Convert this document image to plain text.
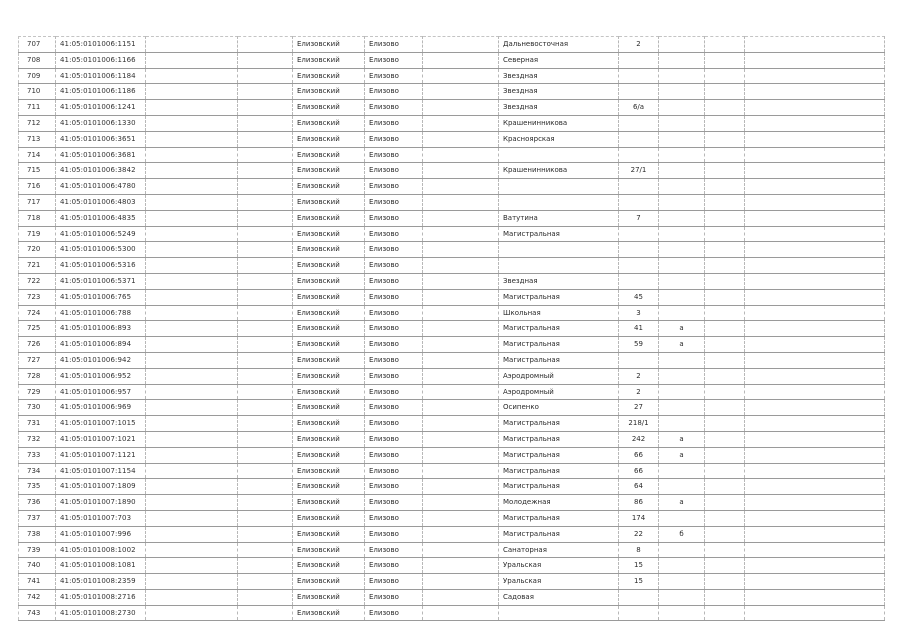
707	41:05:0101006:1151			Елизовский	Елизово		Дальневосточная	2			
708	41:05:0101006:1166			Елизовский	Елизово		Северная				
709	41:05:0101006:1184			Елизовский	Елизово		Звездная				
710	41:05:0101006:1186			Елизовский	Елизово		Звездная				
711	41:05:0101006:1241			Елизовский	Елизово		Звездная	6/а			
712	41:05:0101006:1330			Елизовский	Елизово		Крашенинникова				
713	41:05:0101006:3651			Елизовский	Елизово		Красноярская				
714	41:05:0101006:3681			Елизовский	Елизово						
715	41:05:0101006:3842			Елизовский	Елизово		Крашенинникова	27/1			
716	41:05:0101006:4780			Елизовский	Елизово						
717	41:05:0101006:4803			Елизовский	Елизово						
718	41:05:0101006:4835			Елизовский	Елизово		Ватутина	7			
719	41:05:0101006:5249			Елизовский	Елизово		Магистральная				
720	41:05:0101006:5300			Елизовский	Елизово						
721	41:05:0101006:5316			Елизовский	Елизово						
722	41:05:0101006:5371			Елизовский	Елизово		Звездная				
723	41:05:0101006:765			Елизовский	Елизово		Магистральная	45			
724	41:05:0101006:788			Елизовский	Елизово		Школьная	3			
725	41:05:0101006:893			Елизовский	Елизово		Магистральная	41	а		
726	41:05:0101006:894			Елизовский	Елизово		Магистральная	59	а		
727	41:05:0101006:942			Елизовский	Елизово		Магистральная				
728	41:05:0101006:952			Елизовский	Елизово		Аэродромный	2			
729	41:05:0101006:957			Елизовский	Елизово		Аэродромный	2			
730	41:05:0101006:969			Елизовский	Елизово		Осипенко	27			
731	41:05:0101007:1015			Елизовский	Елизово		Магистральная	218/1			
732	41:05:0101007:1021			Елизовский	Елизово		Магистральная	242	а		
733	41:05:0101007:1121			Елизовский	Елизово		Магистральная	66	а		
734	41:05:0101007:1154			Елизовский	Елизово		Магистральная	66			
735	41:05:0101007:1809			Елизовский	Елизово		Магистральная	64			
736	41:05:0101007:1890			Елизовский	Елизово		Молодежная	86	а		
737	41:05:0101007:703			Елизовский	Елизово		Магистральная	174			
738	41:05:0101007:996			Елизовский	Елизово		Магистральная	22	б		
739	41:05:0101008:1002			Елизовский	Елизово		Санаторная	8			
740	41:05:0101008:1081			Елизовский	Елизово		Уральская	15			
741	41:05:0101008:2359			Елизовский	Елизово		Уральская	15			
742	41:05:0101008:2716			Елизовский	Елизово		Садовая				
743	41:05:0101008:2730			Елизовский	Елизово						
